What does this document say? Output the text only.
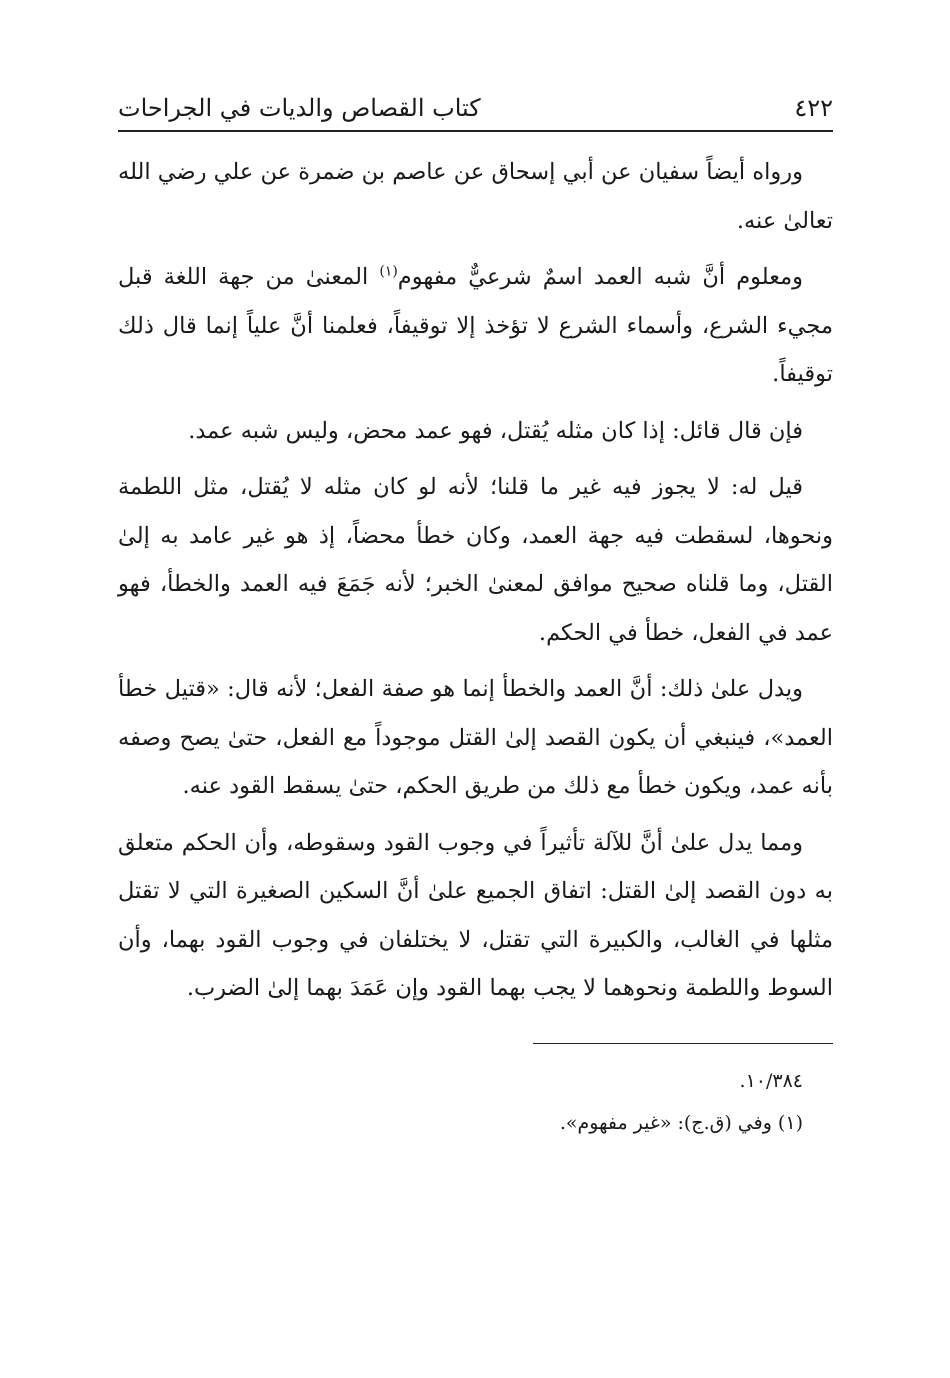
٤٢٢
كتاب القصاص والديات في الجراحات

ورواه أيضاً سفيان عن أبي إسحاق عن عاصم بن ضمرة عن علي رضي الله تعالىٰ عنه.

ومعلوم أنَّ شبه العمد اسمٌ شرعيٌّ مفهوم$^{(١)}$ المعنىٰ من جهة اللغة قبل مجيء الشرع، وأسماء الشرع لا تؤخذ إلا توقيفاً، فعلمنا أنَّ علياً إنما قال ذلك توقيفاً.

فإن قال قائل: إذا كان مثله يُقتل، فهو عمد محض، وليس شبه عمد.

قيل له: لا يجوز فيه غير ما قلنا؛ لأنه لو كان مثله لا يُقتل، مثل اللطمة ونحوها، لسقطت فيه جهة العمد، وكان خطأ محضاً، إذ هو غير عامد به إلىٰ القتل، وما قلناه صحيح موافق لمعنىٰ الخبر؛ لأنه جَمَعَ فيه العمد والخطأ، فهو عمد في الفعل، خطأ في الحكم.

ويدل علىٰ ذلك: أنَّ العمد والخطأ إنما هو صفة الفعل؛ لأنه قال: «قتيل خطأ العمد»، فينبغي أن يكون القصد إلىٰ القتل موجوداً مع الفعل، حتىٰ يصح وصفه بأنه عمد، ويكون خطأ مع ذلك من طريق الحكم، حتىٰ يسقط القود عنه.

ومما يدل علىٰ أنَّ للآلة تأثيراً في وجوب القود وسقوطه، وأن الحكم متعلق به دون القصد إلىٰ القتل: اتفاق الجميع علىٰ أنَّ السكين الصغيرة التي لا تقتل مثلها في الغالب، والكبيرة التي تقتل، لا يختلفان في وجوب القود بهما، وأن السوط واللطمة ونحوهما لا يجب بهما القود وإن عَمَدَ بهما إلىٰ الضرب.

١٠/٣٨٤.

(١) وفي (ق.ج): «غير مفهوم».
